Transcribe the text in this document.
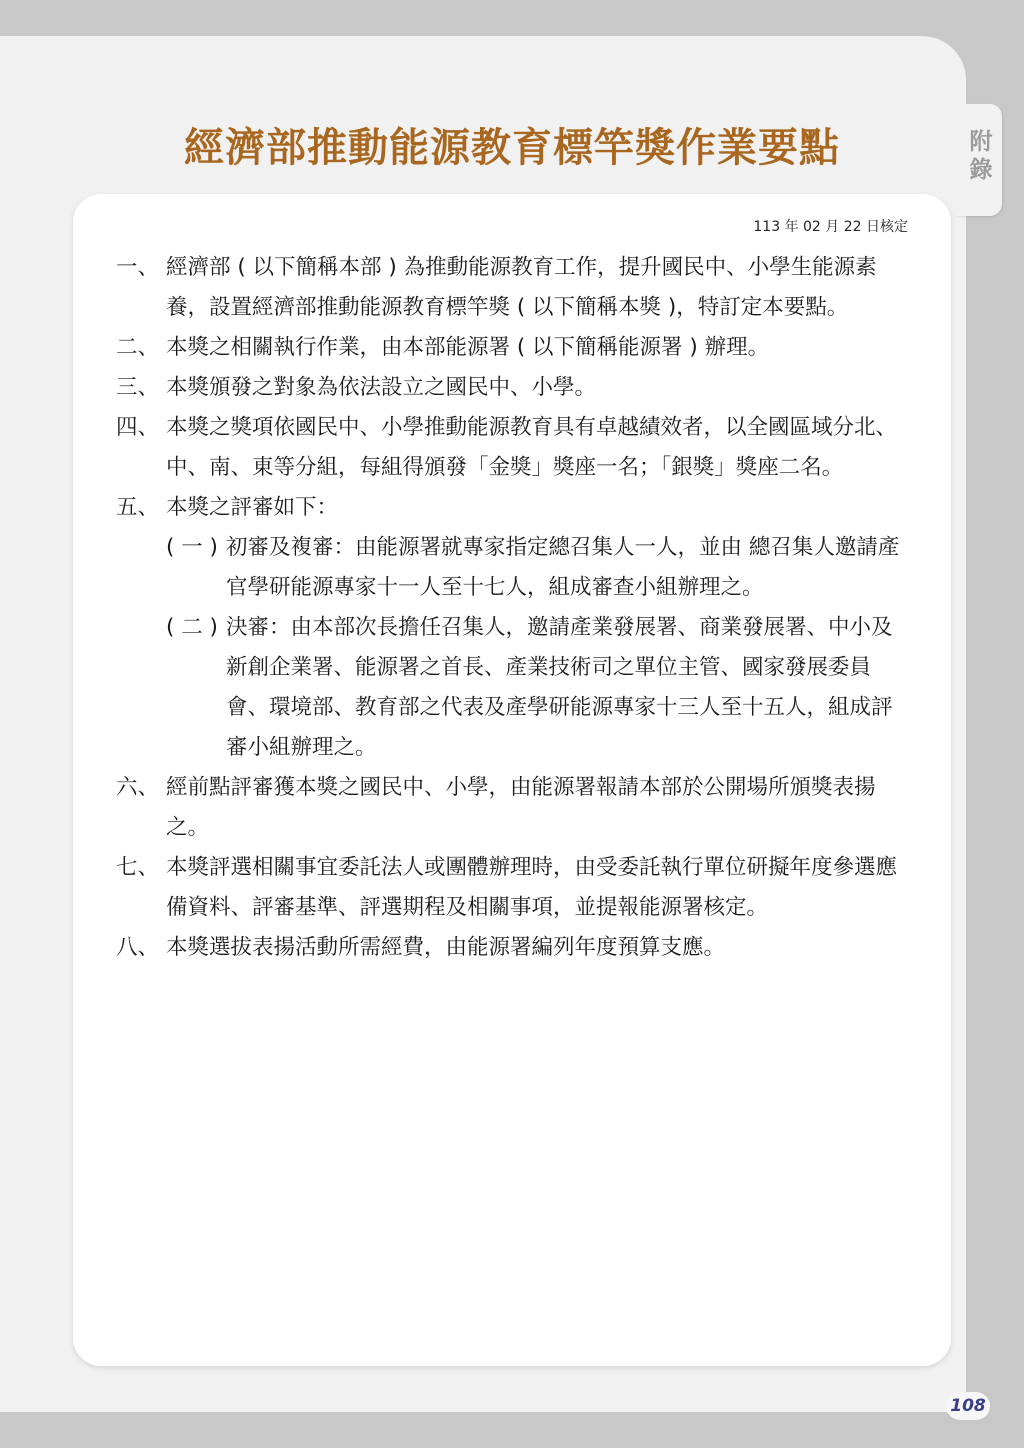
附錄
經濟部推動能源教育標竿獎作業要點
113 年 02 月 22 日核定
一、 經濟部 ( 以下簡稱本部 ) 為推動能源教育工作，提升國民中、小學生能源素養，設置經濟部推動能源教育標竿獎 ( 以下簡稱本獎 )，特訂定本要點。
二、 本獎之相關執行作業，由本部能源署 ( 以下簡稱能源署 ) 辦理。
三、 本獎頒發之對象為依法設立之國民中、小學。
四、 本獎之獎項依國民中、小學推動能源教育具有卓越績效者，以全國區域分北、中、南、東等分組，每組得頒發「金獎」獎座一名；「銀獎」獎座二名。
五、 本獎之評審如下：
( 一 ) 初審及複審：由能源署就專家指定總召集人一人，並由 總召集人邀請產官學研能源專家十一人至十七人，組成審查小組辦理之。
( 二 ) 決審：由本部次長擔任召集人，邀請產業發展署、商業發展署、中小及新創企業署、能源署之首長、產業技術司之單位主管、國家發展委員會、環境部、教育部之代表及產學研能源專家十三人至十五人，組成評審小組辦理之。
六、 經前點評審獲本獎之國民中、小學，由能源署報請本部於公開場所頒獎表揚之。
七、 本獎評選相關事宜委託法人或團體辦理時，由受委託執行單位研擬年度參選應備資料、評審基準、評選期程及相關事項，並提報能源署核定。
八、 本獎選拔表揚活動所需經費，由能源署編列年度預算支應。
108
